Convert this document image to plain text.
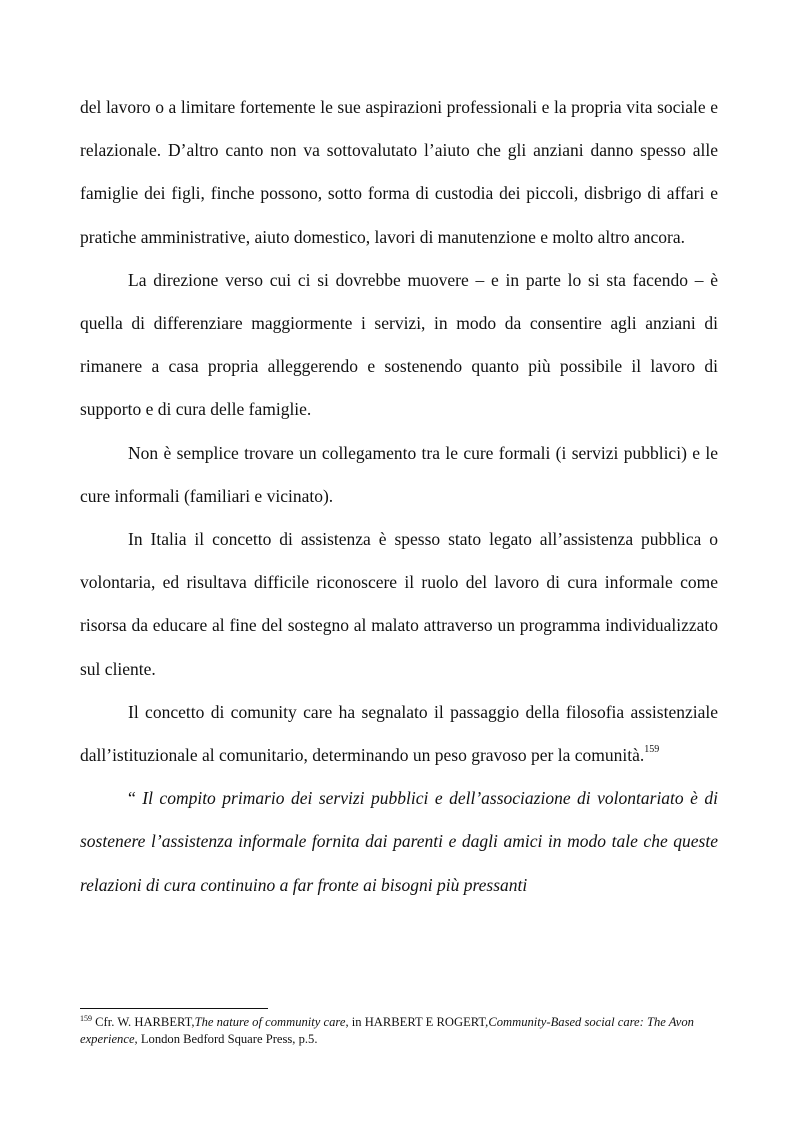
del lavoro o a limitare fortemente le sue aspirazioni professionali e la propria vita sociale e relazionale. D’altro canto non va sottovalutato l’aiuto che gli anziani danno spesso alle famiglie dei figli, finche possono, sotto forma di custodia dei piccoli, disbrigo di affari e pratiche amministrative, aiuto domestico, lavori di manutenzione e molto altro ancora.

La direzione verso cui ci si dovrebbe muovere – e in parte lo si sta facendo – è quella di differenziare maggiormente i servizi, in modo da consentire agli anziani di rimanere a casa propria alleggerendo e sostenendo quanto più possibile il lavoro di supporto e di cura delle famiglie.

Non è semplice trovare un collegamento tra le cure formali (i servizi pubblici) e le cure informali (familiari e vicinato).

In Italia il concetto di assistenza è spesso stato legato all’assistenza pubblica o volontaria, ed risultava difficile riconoscere il ruolo del lavoro di cura informale come risorsa da educare al fine del sostegno al malato attraverso un programma individualizzato sul cliente.

Il concetto di comunity care ha segnalato il passaggio della filosofia assistenziale dall’istituzionale al comunitario, determinando un peso gravoso per la comunità.$^{159}$

“ Il compito primario dei servizi pubblici e dell’associazione di volontariato è di sostenere l’assistenza informale fornita dai parenti e dagli amici in modo tale che queste relazioni di cura continuino a far fronte ai bisogni più pressanti

$^{159}$ Cfr. W. HARBERT,The nature of community care, in HARBERT E ROGERT,Community-Based social care: The Avon experience, London Bedford Square Press, p.5.
